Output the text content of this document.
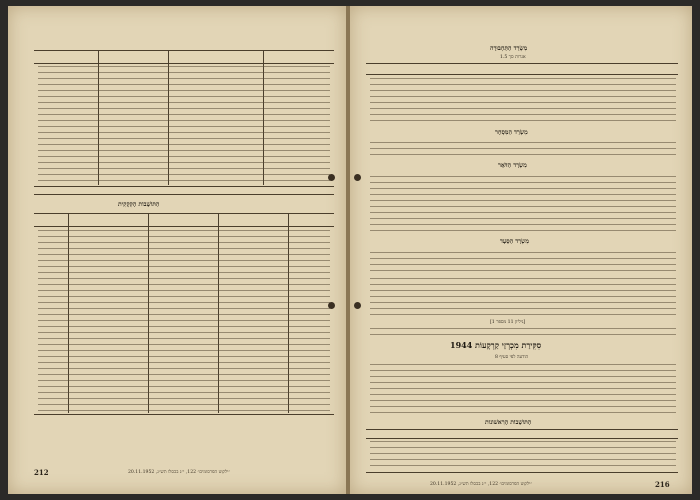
הַתּוֹשָׁבוֹת הָקִקְקִית
212	״ילקוט הפרסומים״ 122, י״ג בכסלו תש״ג, 20.11.1952
מִשְׂרַד הַתַּחְבּוּרָה
אגרות סך 1.5
מִשְׂרַד הַמִּסְחָר
מִשְׂרַד הַדֹּאַר
מִשְׂרַד הַסַּעַד
[גיליון 11 מספר 1]
סִקִּירַת מִכְרְזֵי קַרְקָעוֹת 1944
הודעה לפי סעיף 8
הַתּוֹשָׁבוֹת הָרִאשׁוֹנוֹת
216
״ילקוט הפרסומים״ 122, י״ג בכסלו תש״ג, 20.11.1952
